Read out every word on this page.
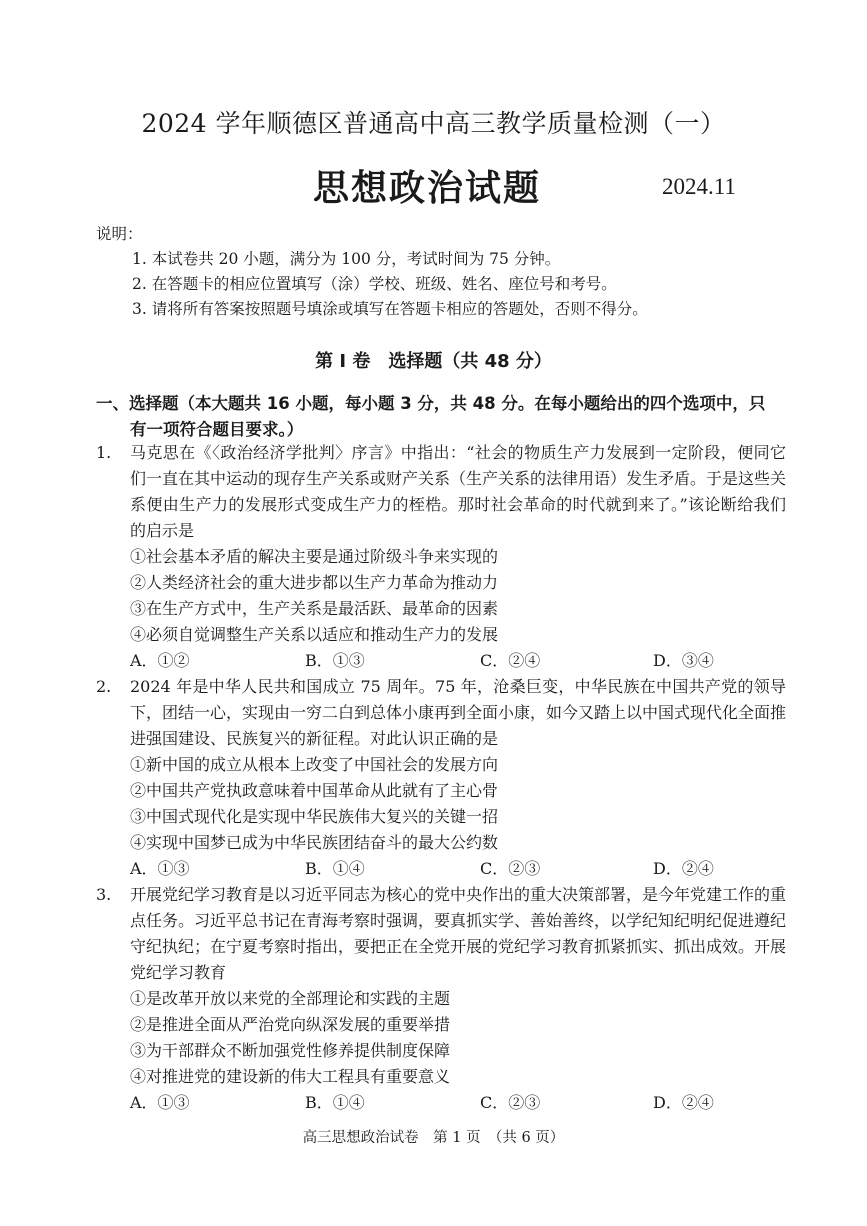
2024 学年顺德区普通高中高三教学质量检测（一）
思想政治试题	2024.11
说明：
1. 本试卷共 20 小题，满分为 100 分，考试时间为 75 分钟。
2. 在答题卡的相应位置填写（涂）学校、班级、姓名、座位号和考号。
3. 请将所有答案按照题号填涂或填写在答题卡相应的答题处，否则不得分。
第 I 卷　选择题（共 48 分）
一、选择题（本大题共 16 小题，每小题 3 分，共 48 分。在每小题给出的四个选项中，只
有一项符合题目要求。）
1.	马克思在《〈政治经济学批判〉序言》中指出：“社会的物质生产力发展到一定阶段，便同它们一直在其中运动的现存生产关系或财产关系（生产关系的法律用语）发生矛盾。于是这些关系便由生产力的发展形式变成生产力的桎梏。那时社会革命的时代就到来了。”该论断给我们的启示是
①社会基本矛盾的解决主要是通过阶级斗争来实现的
②人类经济社会的重大进步都以生产力革命为推动力
③在生产方式中，生产关系是最活跃、最革命的因素
④必须自觉调整生产关系以适应和推动生产力的发展
A．①②	B．①③	C．②④	D．③④
2.	2024 年是中华人民共和国成立 75 周年。75 年，沧桑巨变，中华民族在中国共产党的领导下，团结一心，实现由一穷二白到总体小康再到全面小康，如今又踏上以中国式现代化全面推进强国建设、民族复兴的新征程。对此认识正确的是
①新中国的成立从根本上改变了中国社会的发展方向
②中国共产党执政意味着中国革命从此就有了主心骨
③中国式现代化是实现中华民族伟大复兴的关键一招
④实现中国梦已成为中华民族团结奋斗的最大公约数
A．①③	B．①④	C．②③	D．②④
3.	开展党纪学习教育是以习近平同志为核心的党中央作出的重大决策部署，是今年党建工作的重点任务。习近平总书记在青海考察时强调，要真抓实学、善始善终，以学纪知纪明纪促进遵纪守纪执纪；在宁夏考察时指出，要把正在全党开展的党纪学习教育抓紧抓实、抓出成效。开展党纪学习教育
①是改革开放以来党的全部理论和实践的主题
②是推进全面从严治党向纵深发展的重要举措
③为干部群众不断加强党性修养提供制度保障
④对推进党的建设新的伟大工程具有重要意义
A．①③	B．①④	C．②③	D．②④
高三思想政治试卷　第 1 页　（共 6 页）
